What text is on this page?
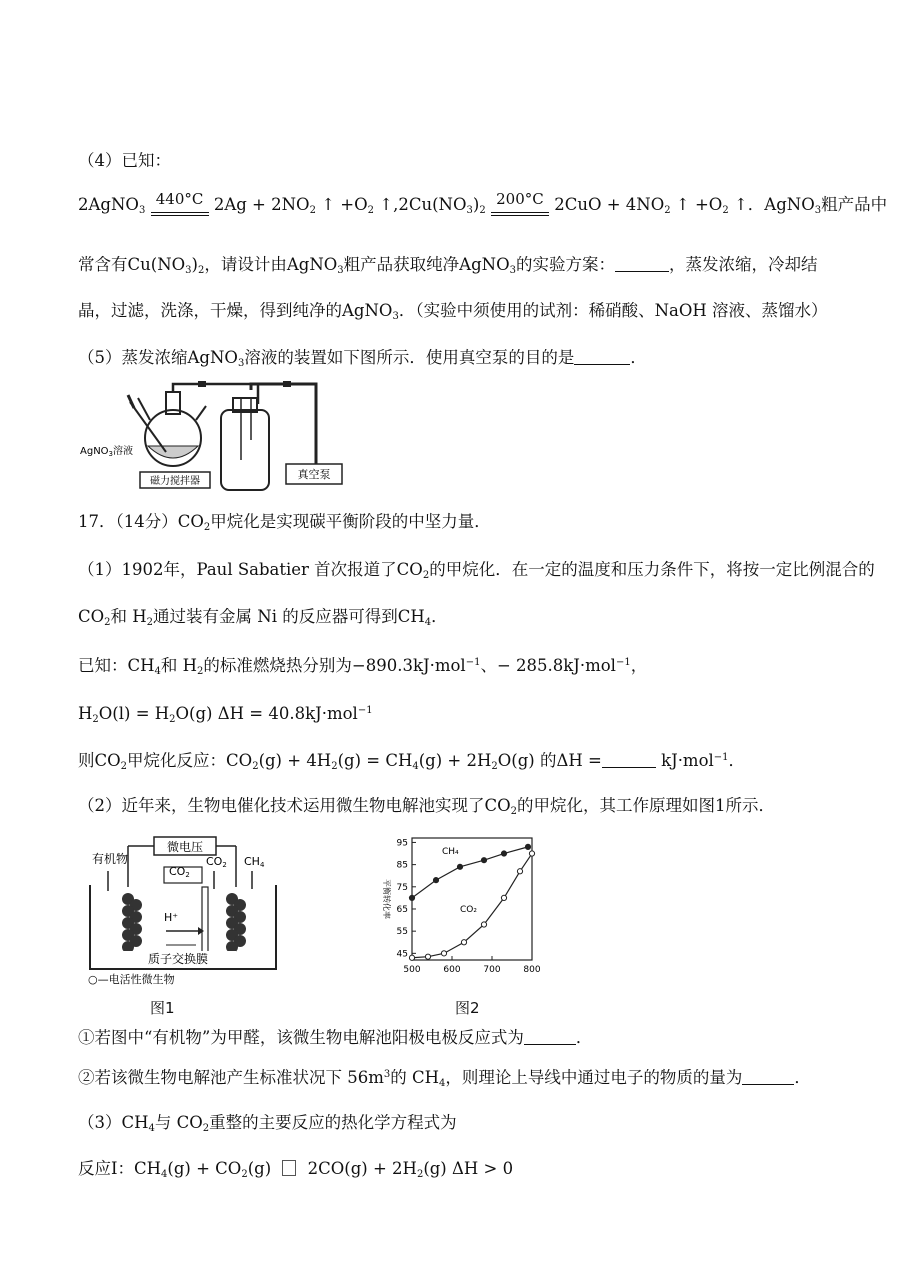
（4）已知：
2AgNO$_3$
440°C $2Ag + 2NO_2$ ↑ $+O_2$ $↑,2Cu(NO_3)_2$
200°C $2CuO + 4NO_2$ ↑ $+O_2$ ↑．AgNO$_3$粗产品中
常含有$Cu(NO_3)_2$，请设计由AgNO$_3$粗产品获取纯净AgNO$_3$的实验方案：	，蒸发浓缩，冷却结
晶，过滤，洗涤，干燥，得到纯净的AgNO$_3$．（实验中须使用的试剂：稀硝酸、NaOH 溶液、蒸馏水）
（5）蒸发浓缩AgNO$_3$溶液的装置如下图所示．使用真空泵的目的是	．
磁力搅拌器
真空泵
AgNO$_3$溶液
17．（14分）$CO_2$甲烷化是实现碳平衡阶段的中坚力量．
（1）1902年，Paul Sabatier 首次报道了$CO_2$的甲烷化．在一定的温度和压力条件下，将按一定比例混合的
$CO_2$和 $H_2$通过装有金属 Ni 的反应器可得到$CH_4$．
已知：$CH_4$和 $H_2$的标准燃烧热分别为−890.3kJ·mol$^{-1}$、− 285.8kJ·mol$^{-1}$，
$H_2O(l) = H_2O(g) \Delta H = 40.8kJ\cdot mol^{-1}$
则$CO_2$甲烷化反应：$CO_2(g) + 4H_2(g) = CH_4(g) + 2H_2O(g)$ 的ΔH =	kJ·mol$^{-1}$．
（2）近年来，生物电催化技术运用微生物电解池实现了$CO_2$的甲烷化，其工作原理如图1所示．
微电压
有机物
CO2
CO2 CH4
H⁺
质子交换膜
○—电活性微生物
图1
45
55
65
75
85
95
500	600	700	800
平衡转化率
CH₄
CO₂
图2
①若图中“有机物”为甲醛，该微生物电解池阳极电极反应式为	．
②若该微生物电解池产生标准状况下 $56m^3$的 $CH_4$，则理论上导线中通过电子的物质的量为	．
$(3)CH_4$与 $CO_2$重整的主要反应的热化学方程式为
反应Ⅰ：$CH_4(g) + CO_2(g) 2CO(g) + 2H_2(g) \Delta H > 0$
